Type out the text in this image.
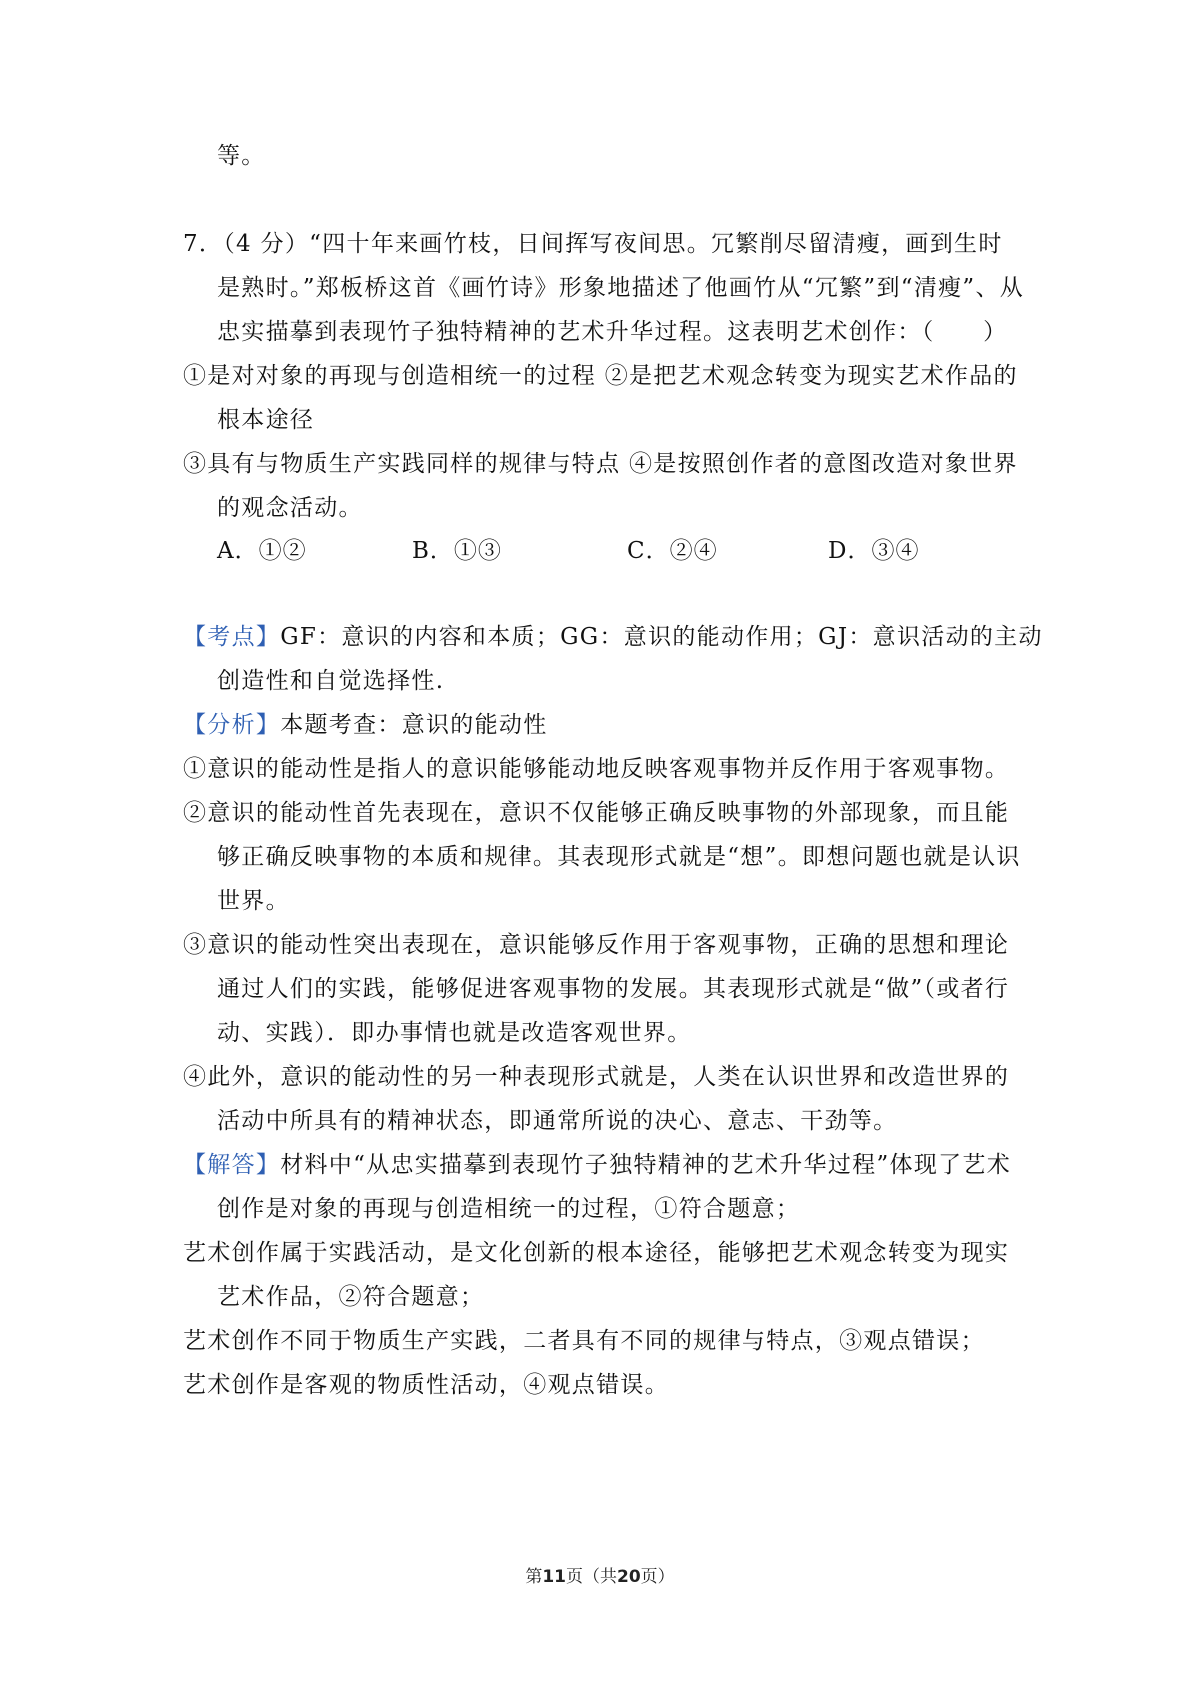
等。
7．（4 分）“四十年来画竹枝，日间挥写夜间思。冗繁削尽留清瘦，画到生时
是熟时。”郑板桥这首《画竹诗》形象地描述了他画竹从“冗繁”到“清瘦”、从
忠实描摹到表现竹子独特精神的艺术升华过程。这表明艺术创作：（　　）
①是对对象的再现与创造相统一的过程 ②是把艺术观念转变为现实艺术作品的
根本途径
③具有与物质生产实践同样的规律与特点 ④是按照创作者的意图改造对象世界
的观念活动。
A．①②	B．①③	C．②④	D．③④
【考点】GF：意识的内容和本质；GG：意识的能动作用；GJ：意识活动的主动
创造性和自觉选择性.
【分析】本题考查：意识的能动性
①意识的能动性是指人的意识能够能动地反映客观事物并反作用于客观事物。
②意识的能动性首先表现在，意识不仅能够正确反映事物的外部现象，而且能
够正确反映事物的本质和规律。其表现形式就是“想”。即想问题也就是认识
世界。
③意识的能动性突出表现在，意识能够反作用于客观事物，正确的思想和理论
通过人们的实践，能够促进客观事物的发展。其表现形式就是“做”（或者行
动、实践）．即办事情也就是改造客观世界。
④此外，意识的能动性的另一种表现形式就是，人类在认识世界和改造世界的
活动中所具有的精神状态，即通常所说的决心、意志、干劲等。
【解答】材料中“从忠实描摹到表现竹子独特精神的艺术升华过程”体现了艺术
创作是对象的再现与创造相统一的过程，①符合题意；
艺术创作属于实践活动，是文化创新的根本途径，能够把艺术观念转变为现实
艺术作品，②符合题意；
艺术创作不同于物质生产实践，二者具有不同的规律与特点，③观点错误；
艺术创作是客观的物质性活动，④观点错误。
第11页（共20页）
